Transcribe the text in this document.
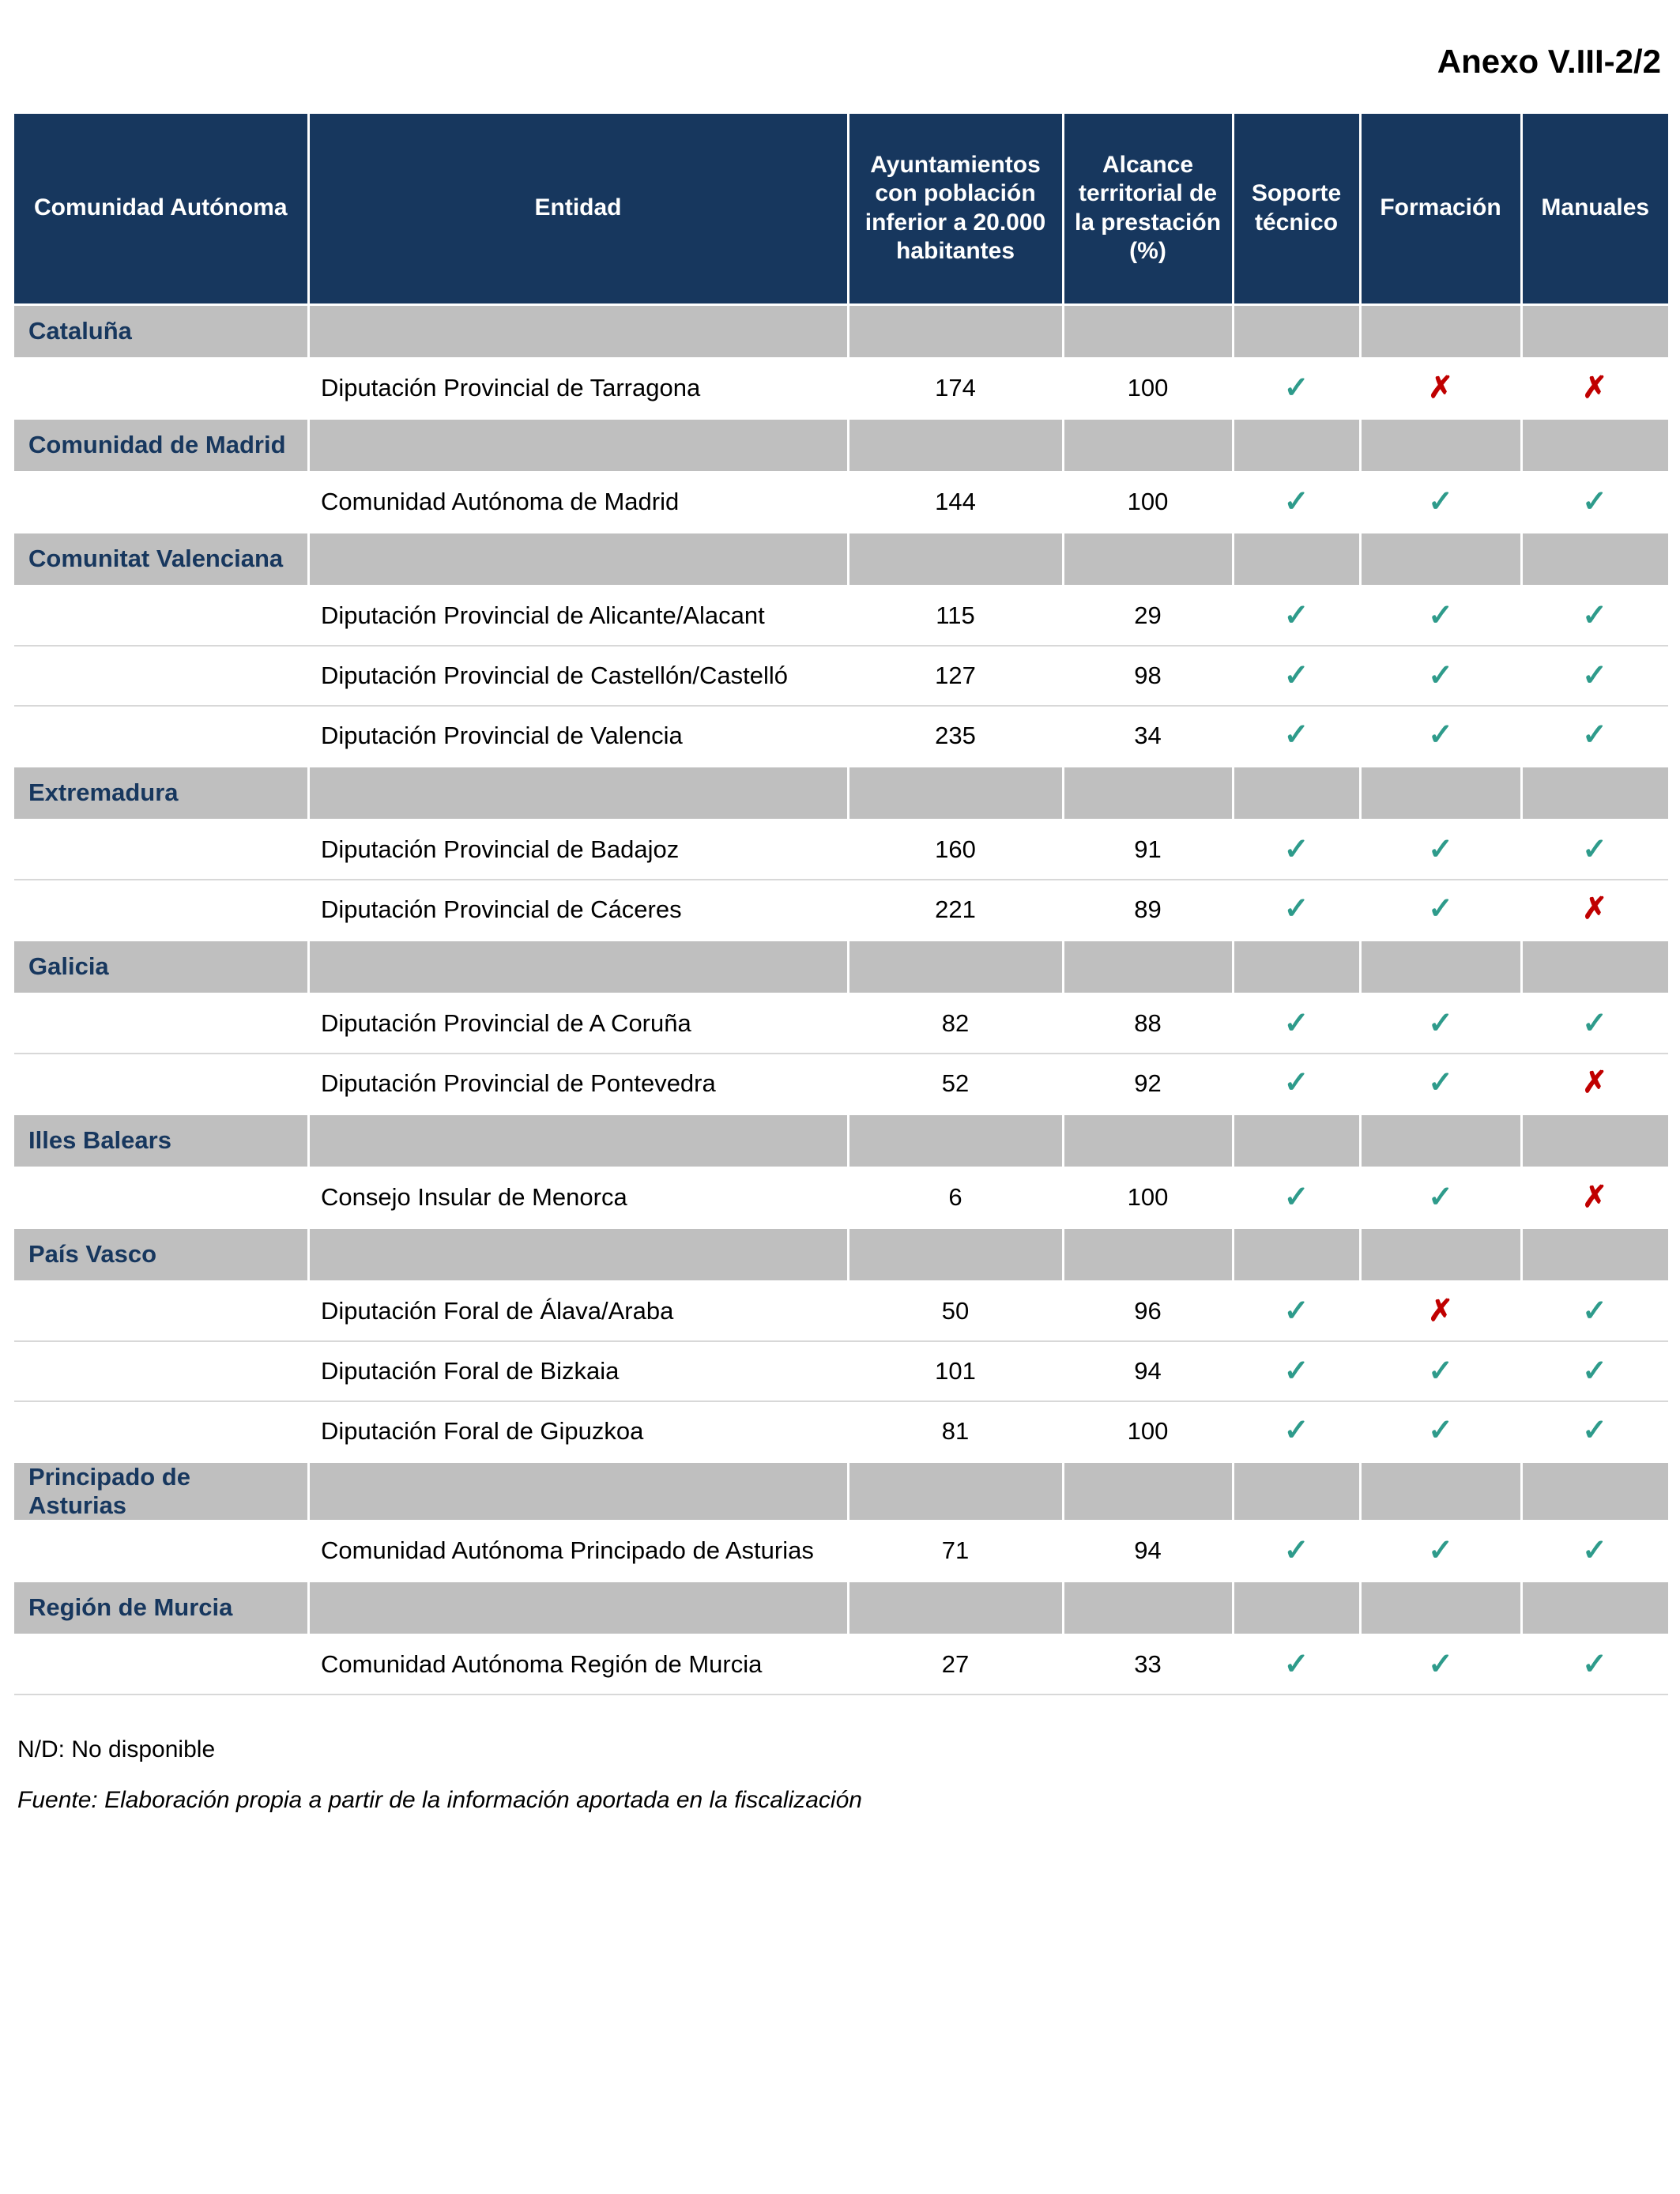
Anexo V.III-2/2
Comunidad Autónoma	Entidad	Ayuntamientos con población inferior a 20.000 habitantes	Alcance territorial de la prestación (%)	Soporte técnico	Formación	Manuales
Cataluña						
	Diputación Provincial de Tarragona	174	100	✓	✗	✗
Comunidad de Madrid						
	Comunidad Autónoma de Madrid	144	100	✓	✓	✓
Comunitat Valenciana						
	Diputación Provincial de Alicante/Alacant	115	29	✓	✓	✓
	Diputación Provincial de Castellón/Castelló	127	98	✓	✓	✓
	Diputación Provincial de Valencia	235	34	✓	✓	✓
Extremadura						
	Diputación Provincial de Badajoz	160	91	✓	✓	✓
	Diputación Provincial de Cáceres	221	89	✓	✓	✗
Galicia						
	Diputación Provincial de A Coruña	82	88	✓	✓	✓
	Diputación Provincial de Pontevedra	52	92	✓	✓	✗
Illes Balears						
	Consejo Insular de Menorca	6	100	✓	✓	✗
País Vasco						
	Diputación Foral de Álava/Araba	50	96	✓	✗	✓
	Diputación Foral de Bizkaia	101	94	✓	✓	✓
	Diputación Foral de Gipuzkoa	81	100	✓	✓	✓
Principado de Asturias						
	Comunidad Autónoma Principado de Asturias	71	94	✓	✓	✓
Región de Murcia						
	Comunidad Autónoma Región de Murcia	27	33	✓	✓	✓
N/D: No disponible
Fuente: Elaboración propia a partir de la información aportada en la fiscalización
